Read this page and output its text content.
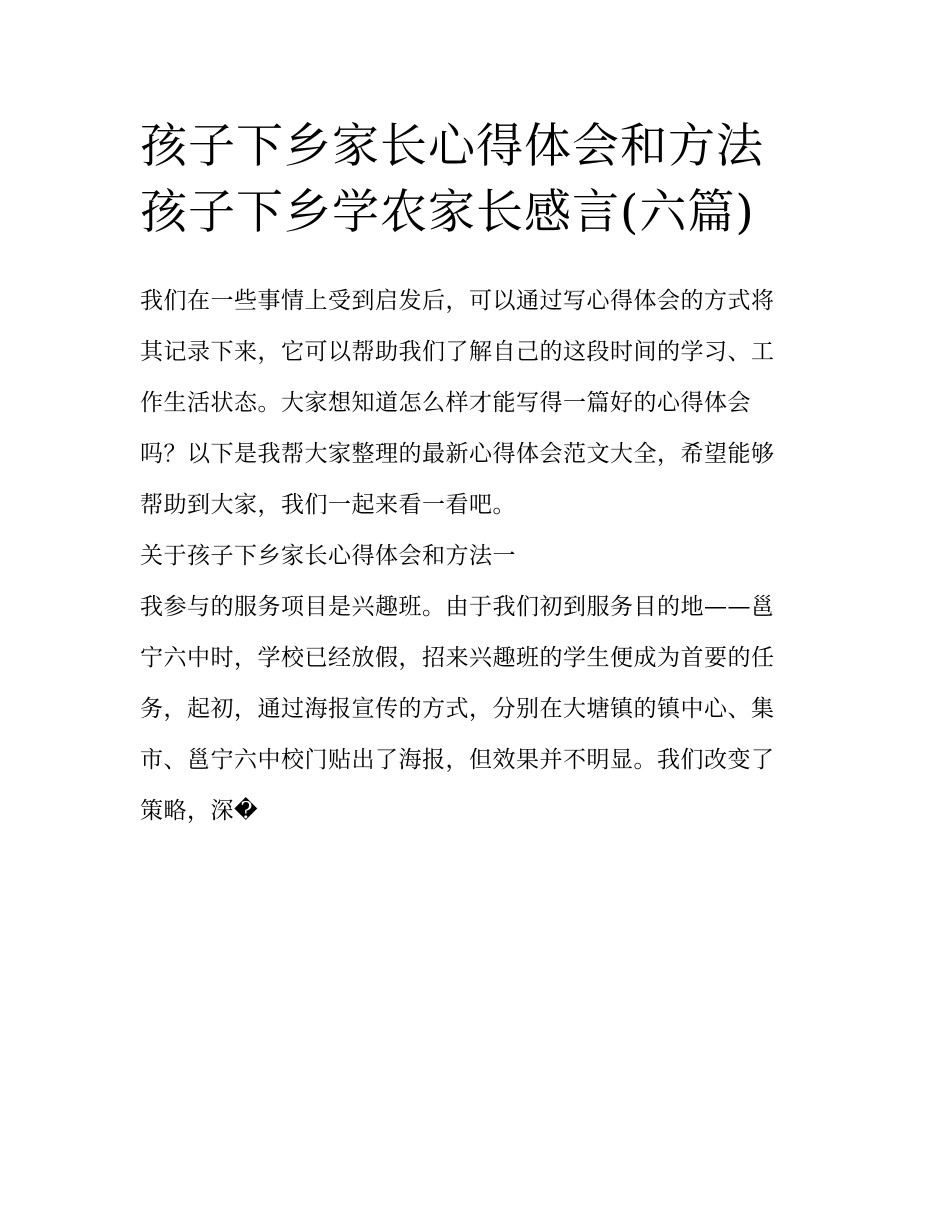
孩子下乡家长心得体会和方法
孩子下乡学农家长感言(六篇)
我们在一些事情上受到启发后，可以通过写心得体会的方式将
其记录下来，它可以帮助我们了解自己的这段时间的学习、工
作生活状态。大家想知道怎么样才能写得一篇好的心得体会
吗？以下是我帮大家整理的最新心得体会范文大全，希望能够
帮助到大家，我们一起来看一看吧。
关于孩子下乡家长心得体会和方法一
我参与的服务项目是兴趣班。由于我们初到服务目的地——邕
宁六中时，学校已经放假，招来兴趣班的学生便成为首要的任
务，起初，通过海报宣传的方式，分别在大塘镇的镇中心、集
市、邕宁六中校门贴出了海报，但效果并不明显。我们改变了
策略，深�
